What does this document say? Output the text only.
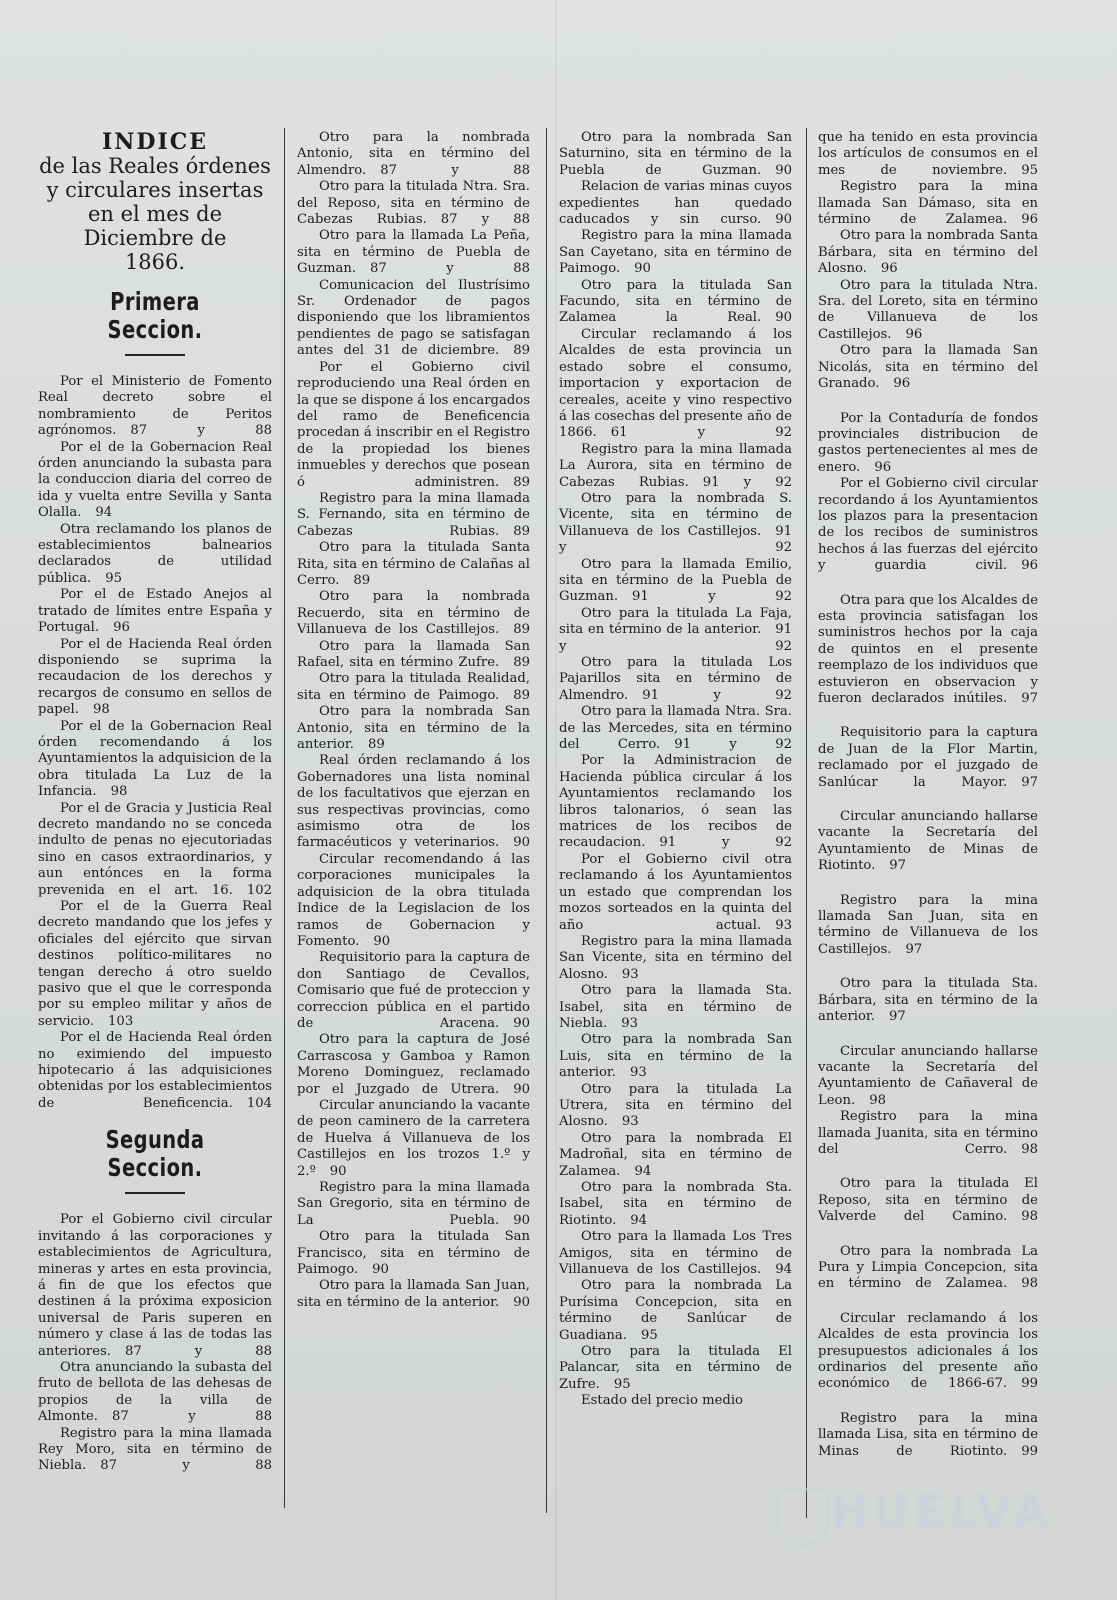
INDICE

de las Reales órdenes y circulares insertas en el mes de Diciembre de

1866.

Primera Seccion.

Por el Ministerio de Fomento Real decreto sobre el nombramiento de Peritos agrónomos. 87 y 88

Por el de la Gobernacion Real órden anunciando la subasta para la conduccion diaria del correo de ida y vuelta entre Sevilla y Santa Olalla. 94

Otra reclamando los planos de establecimientos balnearios declarados de utilidad pública. 95

Por el de Estado Anejos al tratado de límites entre España y Portugal. 96

Por el de Hacienda Real órden disponiendo se suprima la recaudacion de los derechos y recargos de consumo en sellos de papel. 98

Por el de la Gobernacion Real órden recomendando á los Ayuntamientos la adquisicion de la obra titulada La Luz de la Infancia. 98

Por el de Gracia y Justicia Real decreto mandando no se conceda indulto de penas no ejecutoriadas sino en casos extraordinarios, y aun entónces en la forma prevenida en el art. 16. 102

Por el de la Guerra Real decreto mandando que los jefes y oficiales del ejército que sirvan destinos político-militares no tengan derecho á otro sueldo pasivo que el que le corresponda por su empleo militar y años de servicio. 103

Por el de Hacienda Real órden no eximiendo del impuesto hipotecario á las adquisiciones obtenidas por los establecimientos de Beneficencia. 104

Segunda Seccion.

Por el Gobierno civil circular invitando á las corporaciones y establecimientos de Agricultura, mineras y artes en esta provincia, á fin de que los efectos que destinen á la próxima exposicion universal de Paris superen en número y clase á las de todas las anteriores. 87 y 88

Otra anunciando la subasta del fruto de bellota de las dehesas de propios de la villa de Almonte. 87 y 88

Registro para la mina llamada Rey Moro, sita en término de Niebla. 87 y 88

Otro para la nombrada Antonio, sita en término del Almendro. 87 y 88

Otro para la titulada Ntra. Sra. del Reposo, sita en término de Cabezas Rubias. 87 y 88

Otro para la llamada La Peña, sita en término de Puebla de Guzman. 87 y 88

Comunicacion del Ilustrísimo Sr. Ordenador de pagos disponiendo que los libramientos pendientes de pago se satisfagan antes del 31 de diciembre. 89

Por el Gobierno civil reproduciendo una Real órden en la que se dispone á los encargados del ramo de Beneficencia procedan á inscribir en el Registro de la propiedad los bienes inmuebles y derechos que posean ó administren. 89

Registro para la mina llamada S. Fernando, sita en término de Cabezas Rubias. 89

Otro para la titulada Santa Rita, sita en término de Calañas al Cerro. 89

Otro para la nombrada Recuerdo, sita en término de Villanueva de los Castillejos. 89

Otro para la llamada San Rafael, sita en término Zufre. 89

Otro para la titulada Realidad, sita en término de Paimogo. 89

Otro para la nombrada San Antonio, sita en término de la anterior. 89

Real órden reclamando á los Gobernadores una lista nominal de los facultativos que ejerzan en sus respectivas provincias, como asimismo otra de los farmacéuticos y veterinarios. 90

Circular recomendando á las corporaciones municipales la adquisicion de la obra titulada Indice de la Legislacion de los ramos de Gobernacion y Fomento. 90

Requisitorio para la captura de don Santiago de Cevallos, Comisario que fué de proteccion y correccion pública en el partido de Aracena. 90

Otro para la captura de José Carrascosa y Gamboa y Ramon Moreno Dominguez, reclamado por el Juzgado de Utrera. 90

Circular anunciando la vacante de peon caminero de la carretera de Huelva á Villanueva de los Castillejos en los trozos 1.º y 2.º 90

Registro para la mina llamada San Gregorio, sita en término de La Puebla. 90

Otro para la titulada San Francisco, sita en término de Paimogo. 90

Otro para la llamada San Juan, sita en término de la anterior. 90

Otro para la nombrada San Saturnino, sita en término de la Puebla de Guzman. 90

Relacion de varias minas cuyos expedientes han quedado caducados y sin curso. 90

Registro para la mina llamada San Cayetano, sita en término de Paimogo. 90

Otro para la titulada San Facundo, sita en término de Zalamea la Real. 90

Circular reclamando á los Alcaldes de esta provincia un estado sobre el consumo, importacion y exportacion de cereales, aceite y vino respectivo á las cosechas del presente año de 1866. 61 y 92

Registro para la mina llamada La Aurora, sita en término de Cabezas Rubias. 91 y 92

Otro para la nombrada S. Vicente, sita en término de Villanueva de los Castillejos. 91 y 92

Otro para la llamada Emilio, sita en término de la Puebla de Guzman. 91 y 92

Otro para la titulada La Faja, sita en término de la anterior. 91 y 92

Otro para la titulada Los Pajarillos sita en término de Almendro. 91 y 92

Otro para la llamada Ntra. Sra. de las Mercedes, sita en término del Cerro. 91 y 92

Por la Administracion de Hacienda pública circular á los Ayuntamientos reclamando los libros talonarios, ó sean las matrices de los recibos de recaudacion. 91 y 92

Por el Gobierno civil otra reclamando á los Ayuntamientos un estado que comprendan los mozos sorteados en la quinta del año actual. 93

Registro para la mina llamada San Vicente, sita en término del Alosno. 93

Otro para la llamada Sta. Isabel, sita en término de Niebla. 93

Otro para la nombrada San Luis, sita en término de la anterior. 93

Otro para la titulada La Utrera, sita en término del Alosno. 93

Otro para la nombrada El Madroñal, sita en término de Zalamea. 94

Otro para la nombrada Sta. Isabel, sita en término de Riotinto. 94

Otro para la llamada Los Tres Amigos, sita en término de Villanueva de los Castillejos. 94

Otro para la nombrada La Purísima Concepcion, sita en término de Sanlúcar de Guadiana. 95

Otro para la titulada El Palancar, sita en término de Zufre. 95

Estado del precio medio

que ha tenido en esta provincia los artículos de consumos en el mes de noviembre. 95

Registro para la mina llamada San Dámaso, sita en término de Zalamea. 96

Otro para la nombrada Santa Bárbara, sita en término del Alosno. 96

Otro para la titulada Ntra. Sra. del Loreto, sita en término de Villanueva de los Castillejos. 96

Otro para la llamada San Nicolás, sita en término del Granado. 96

Por la Contaduría de fondos provinciales distribucion de gastos pertenecientes al mes de enero. 96

Por el Gobierno civil circular recordando á los Ayuntamientos los plazos para la presentacion de los recibos de suministros hechos á las fuerzas del ejército y guardia civil. 96

Otra para que los Alcaldes de esta provincia satisfagan los suministros hechos por la caja de quintos en el presente reemplazo de los individuos que estuvieron en observacion y fueron declarados inútiles. 97

Requisitorio para la captura de Juan de la Flor Martin, reclamado por el juzgado de Sanlúcar la Mayor. 97

Circular anunciando hallarse vacante la Secretaría del Ayuntamiento de Minas de Riotinto. 97

Registro para la mina llamada San Juan, sita en término de Villanueva de los Castillejos. 97

Otro para la titulada Sta. Bárbara, sita en término de la anterior. 97

Circular anunciando hallarse vacante la Secretaría del Ayuntamiento de Cañaveral de Leon. 98

Registro para la mina llamada Juanita, sita en término del Cerro. 98

Otro para la titulada El Reposo, sita en término de Valverde del Camino. 98

Otro para la nombrada La Pura y Limpia Concepcion, sita en término de Zalamea. 98

Circular reclamando á los Alcaldes de esta provincia los presupuestos adicionales á los ordinarios del presente año económico de 1866-67. 99

Registro para la mina llamada Lisa, sita en término de Minas de Riotinto. 99

HUELVA
